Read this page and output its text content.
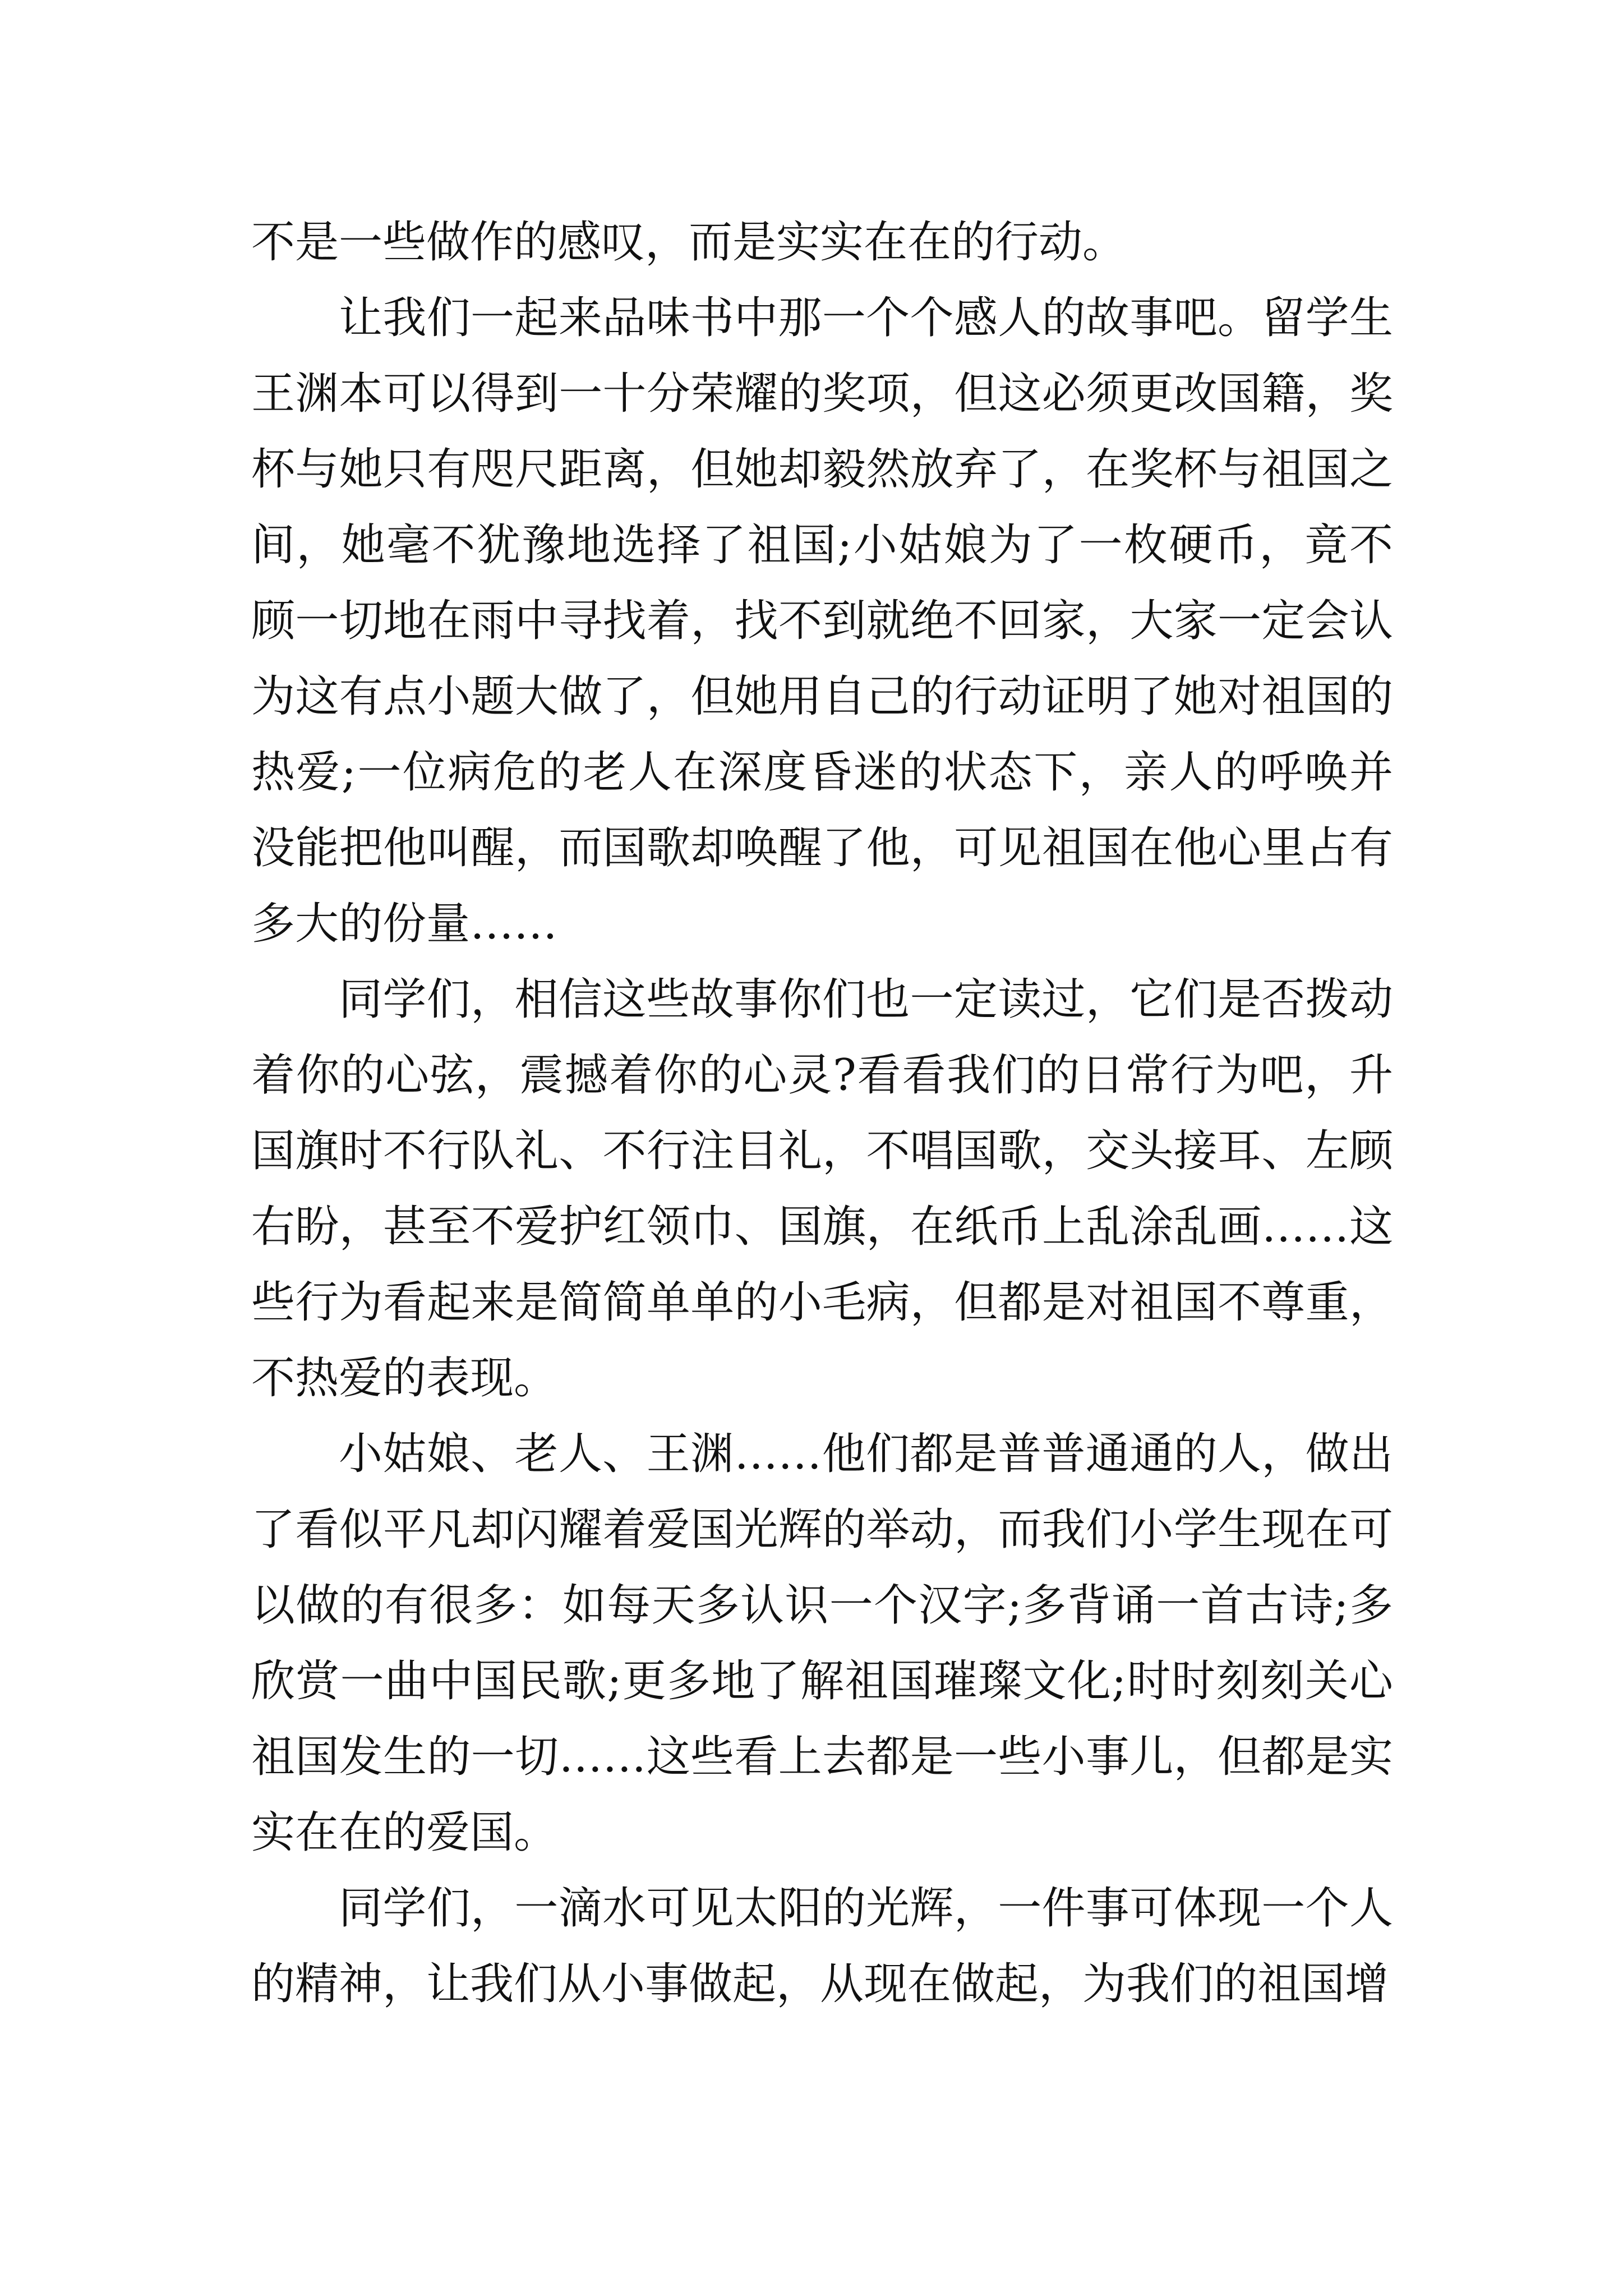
不是一些做作的感叹，而是实实在在的行动。

让我们一起来品味书中那一个个感人的故事吧。留学生王渊本可以得到一十分荣耀的奖项，但这必须更改国籍，奖杯与她只有咫尺距离，但她却毅然放弃了，在奖杯与祖国之间，她毫不犹豫地选择了祖国;小姑娘为了一枚硬币，竟不顾一切地在雨中寻找着，找不到就绝不回家，大家一定会认为这有点小题大做了，但她用自己的行动证明了她对祖国的热爱;一位病危的老人在深度昏迷的状态下，亲人的呼唤并没能把他叫醒，而国歌却唤醒了他，可见祖国在他心里占有多大的份量……

同学们，相信这些故事你们也一定读过，它们是否拨动着你的心弦，震撼着你的心灵?看看我们的日常行为吧，升国旗时不行队礼、不行注目礼，不唱国歌，交头接耳、左顾右盼，甚至不爱护红领巾、国旗，在纸币上乱涂乱画……这些行为看起来是简简单单的小毛病，但都是对祖国不尊重，不热爱的表现。

小姑娘、老人、王渊……他们都是普普通通的人，做出了看似平凡却闪耀着爱国光辉的举动，而我们小学生现在可以做的有很多：如每天多认识一个汉字;多背诵一首古诗;多欣赏一曲中国民歌;更多地了解祖国璀璨文化;时时刻刻关心祖国发生的一切……这些看上去都是一些小事儿，但都是实实在在的爱国。

同学们，一滴水可见太阳的光辉，一件事可体现一个人的精神，让我们从小事做起，从现在做起，为我们的祖国增
